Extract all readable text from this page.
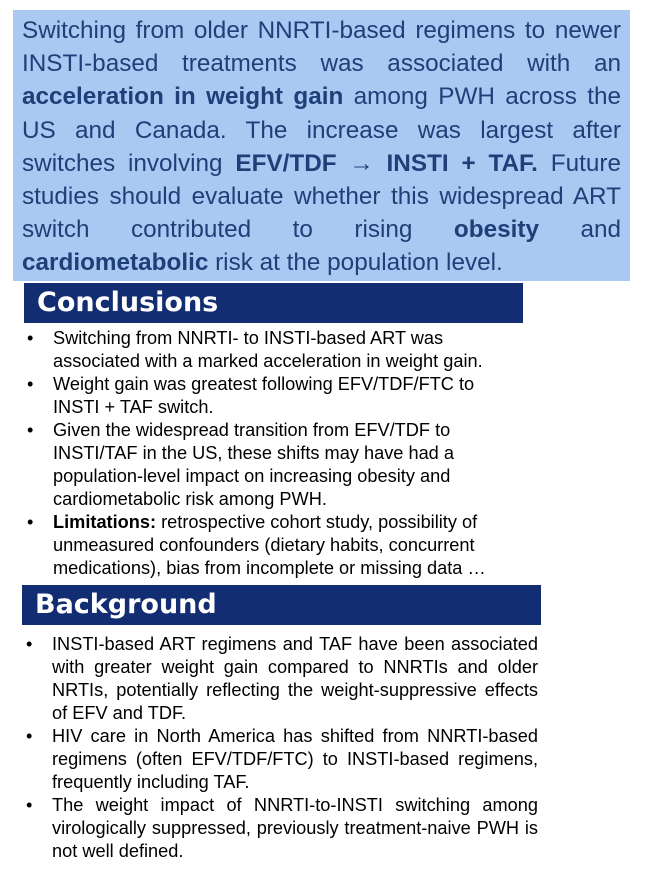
Switching from older NNRTI-based regimens to newer INSTI-based treatments was associated with an acceleration in weight gain among PWH across the US and Canada. The increase was largest after switches involving EFV/TDF → INSTI + TAF. Future studies should evaluate whether this widespread ART switch contributed to rising obesity and cardiometabolic risk at the population level.
Conclusions
• Switching from NNRTI- to INSTI-based ART was associated with a marked acceleration in weight gain.
• Weight gain was greatest following EFV/TDF/FTC to INSTI + TAF switch.
• Given the widespread transition from EFV/TDF to INSTI/TAF in the US, these shifts may have had a population-level impact on increasing obesity and cardiometabolic risk among PWH.
• Limitations: retrospective cohort study, possibility of unmeasured confounders (dietary habits, concurrent medications), bias from incomplete or missing data …
Background
• INSTI-based ART regimens and TAF have been associated with greater weight gain compared to NNRTIs and older NRTIs, potentially reflecting the weight-suppressive effects of EFV and TDF.
• HIV care in North America has shifted from NNRTI-based regimens (often EFV/TDF/FTC) to INSTI-based regimens, frequently including TAF.
• The weight impact of NNRTI-to-INSTI switching among virologically suppressed, previously treatment-naive PWH is not well defined.
